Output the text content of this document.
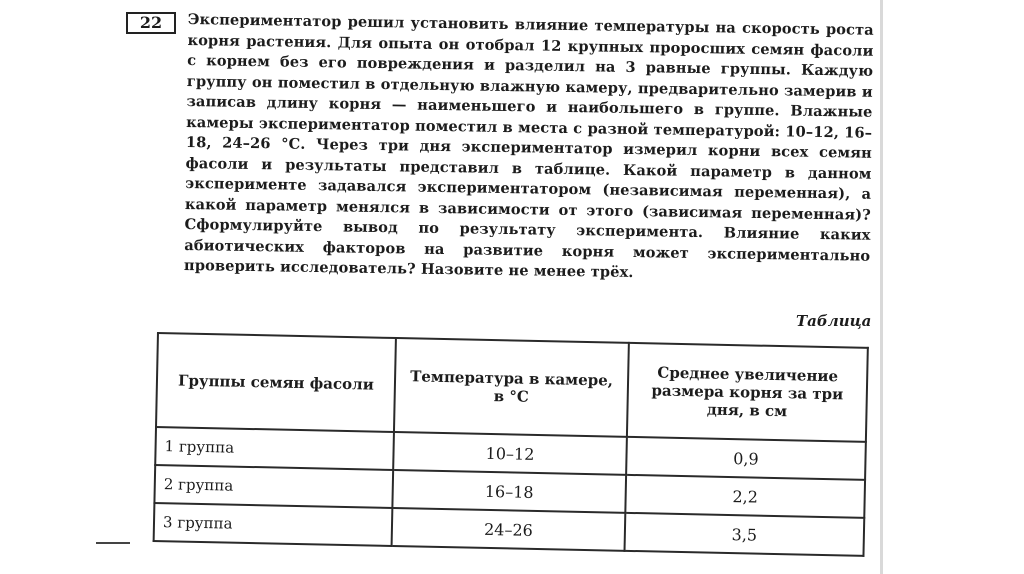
22	Экспериментатор решил установить влияние температуры на скорость роста корня растения. Для опыта он отобрал 12 крупных проросших семян фасоли с корнем без его повреждения и разделил на 3 равные группы. Каждую группу он поместил в отдельную влажную камеру, предварительно замерив и записав длину корня — наименьшего и наибольшего в группе. Влажные камеры экспериментатор поместил в места с разной температурой: 10–12, 16–18, 24–26 °С. Через три дня экспериментатор измерил корни всех семян фасоли и результаты представил в таблице. Какой параметр в данном эксперименте задавался экспериментатором (независимая переменная), а какой параметр менялся в зависимости от этого (зависимая переменная)? Сформулируйте вывод по результату эксперимента. Влияние каких абиотических факторов на развитие корня может экспериментально проверить исследователь? Назовите не менее трёх.
Таблица
Группы семян фасоли	Температура в камере, в °С	Среднее увеличение размера корня за три дня, в см
1 группа	10–12	0,9
2 группа	16–18	2,2
3 группа	24–26	3,5
